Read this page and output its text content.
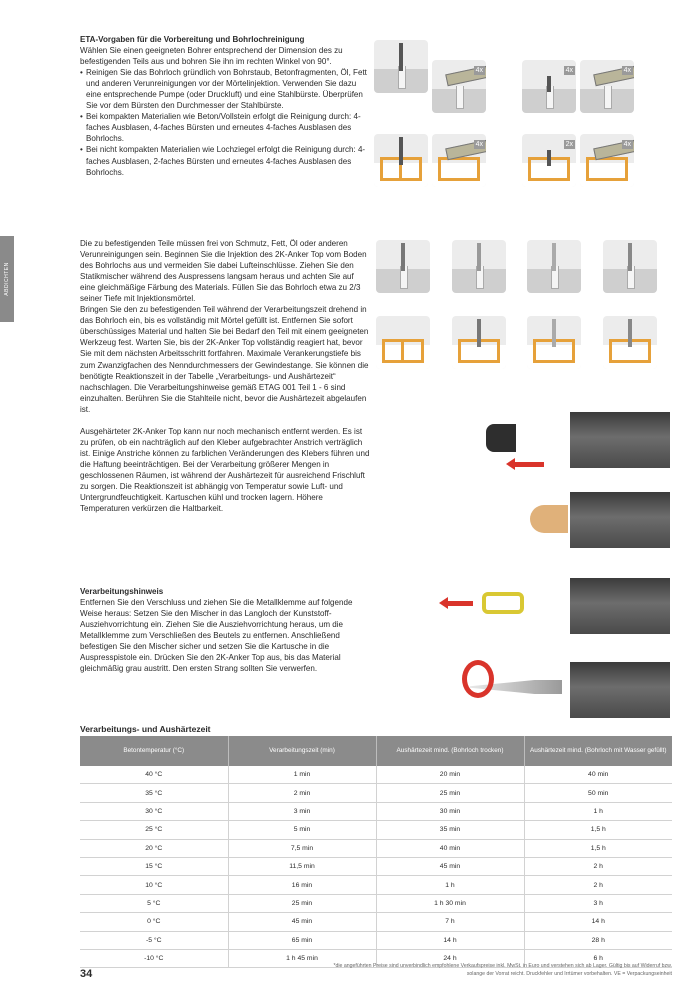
ABDICHTEN

ETA-Vorgaben für die Vorbereitung und Bohrlochreinigung

Wählen Sie einen geeigneten Bohrer entsprechend der Dimension des zu befestigenden Teils aus und bohren Sie ihn im rechten Winkel von 90°.

• Reinigen Sie das Bohrloch gründlich von Bohrstaub, Betonfragmenten, Öl, Fett und anderen Verunreinigungen vor der Mörtelinjektion. Verwenden Sie dazu eine entsprechende Pumpe (oder Druckluft) und eine Stahlbürste. Überprüfen Sie vor dem Bürsten den Durchmesser der Stahlbürste.
• Bei kompakten Materialien wie Beton/Vollstein erfolgt die Reinigung durch: 4-faches Ausblasen, 4-faches Bürsten und erneutes 4-faches Ausblasen des Bohrlochs.
• Bei nicht kompakten Materialien wie Lochziegel erfolgt die Reinigung durch: 4-faches Ausblasen, 2-faches Bürsten und erneutes 4-faches Ausblasen des Bohrlochs.
4x	4x	4x
4x	2x	4x

Die zu befestigenden Teile müssen frei von Schmutz, Fett, Öl oder anderen Verunreinigungen sein. Beginnen Sie die Injektion des 2K-Anker Top vom Boden des Bohrlochs aus und vermeiden Sie dabei Lufteinschlüsse. Ziehen Sie den Statikmischer während des Auspressens langsam heraus und achten Sie auf eine gleichmäßige Färbung des Materials. Füllen Sie das Bohrloch etwa zu 2/3 seiner Tiefe mit Injektionsmörtel.

Bringen Sie den zu befestigenden Teil während der Verarbeitungszeit drehend in das Bohrloch ein, bis es vollständig mit Mörtel gefüllt ist. Entfernen Sie sofort überschüssiges Material und halten Sie bei Bedarf den Teil mit einem geeigneten Werkzeug fest. Warten Sie, bis der 2K-Anker Top vollständig reagiert hat, bevor Sie mit dem nächsten Arbeitsschritt fortfahren. Maximale Verankerungstiefe bis zum Zwanzigfachen des Nenndurchmessers der Gewindestange. Sie können die benötigte Reaktionszeit in der Tabelle „Verarbeitungs- und Aushärtezeit“ nachschlagen. Die Verarbeitungshinweise gemäß ETAG 001 Teil 1 - 6 sind einzuhalten. Berühren Sie die Stahlteile nicht, bevor die Aushärtezeit abgelaufen ist.

Ausgehärteter 2K-Anker Top kann nur noch mechanisch entfernt werden. Es ist zu prüfen, ob ein nachträglich auf den Kleber aufgebrachter Anstrich verträglich ist. Einige Anstriche können zu farblichen Veränderungen des Klebers führen und die Haftung beeinträchtigen. Bei der Verarbeitung größerer Mengen in geschlossenen Räumen, ist während der Aushärtezeit für ausreichend Frischluft zu sorgen. Die Reaktionszeit ist abhängig von Temperatur sowie Luft- und Untergrundfeuchtigkeit. Kartuschen kühl und trocken lagern. Höhere Temperaturen verkürzen die Haltbarkeit.

Verarbeitungshinweis

Entfernen Sie den Verschluss und ziehen Sie die Metallklemme auf folgende Weise heraus: Setzen Sie den Mischer in das Langloch der Kunststoff-Ausziehvorrichtung ein. Ziehen Sie die Ausziehvorrichtung heraus, um die Metallklemme zum Verschließen des Beutels zu entfernen. Anschließend befestigen Sie den Mischer sicher und setzen Sie die Kartusche in die Auspresspistole ein. Drücken Sie den 2K-Anker Top aus, bis das Material gleichmäßig grau austritt. Den ersten Strang sollten Sie verwerfen.

Verarbeitungs- und Aushärtezeit
Betontemperatur (°C)	Verarbeitungszeit (min)	Aushärtezeit mind. (Bohrloch trocken)	Aushärtezeit mind. (Bohrloch mit Wasser gefüllt)
40 °C	1 min	20 min	40 min
35 °C	2 min	25 min	50 min
30 °C	3 min	30 min	1 h
25 °C	5 min	35 min	1,5 h
20 °C	7,5 min	40 min	1,5 h
15 °C	11,5 min	45 min	2 h
10 °C	16 min	1 h	2 h
5 °C	25 min	1 h 30 min	3 h
0 °C	45 min	7 h	14 h
-5 °C	65 min	14 h	28 h
-10 °C	1 h 45 min	24 h	6 h
34
*die angeführten Preise sind unverbindlich empfohlene Verkaufspreise inkl. MwSt. in Euro und verstehen sich ab Lager. Gültig bis auf Widerruf bzw. solange der Vorrat reicht. Druckfehler und Irrtümer vorbehalten. VE = Verpackungseinheit
